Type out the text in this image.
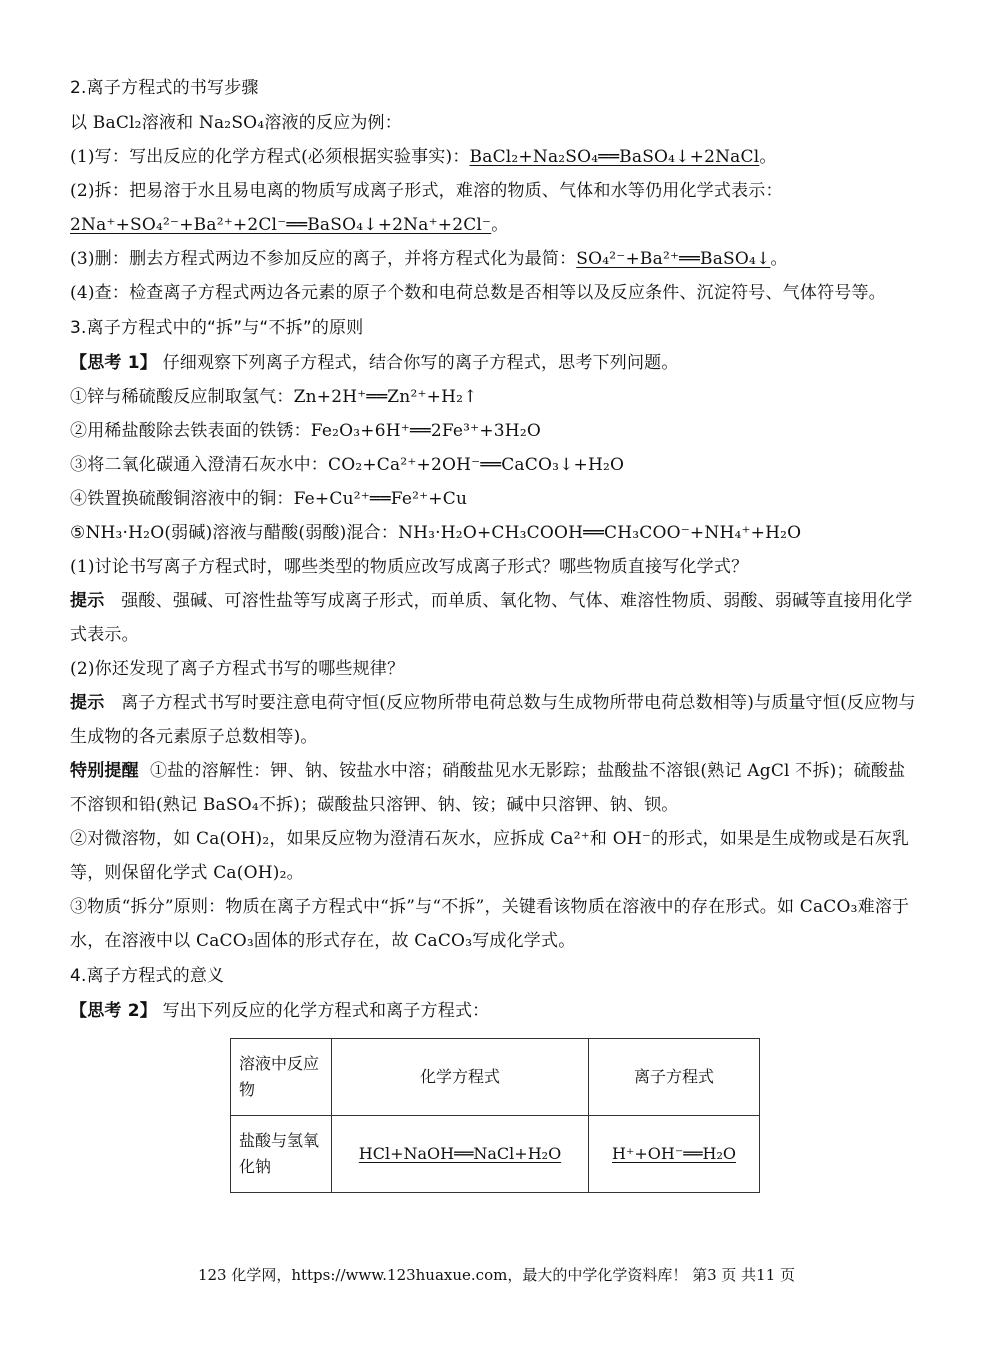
2.离子方程式的书写步骤
以 BaCl₂溶液和 Na₂SO₄溶液的反应为例：
(1)写：写出反应的化学方程式(必须根据实验事实)：BaCl₂+Na₂SO₄══BaSO₄↓+2NaCl。
(2)拆：把易溶于水且易电离的物质写成离子形式，难溶的物质、气体和水等仍用化学式表示：2Na⁺+SO₄²⁻+Ba²⁺+2Cl⁻══BaSO₄↓+2Na⁺+2Cl⁻。
(3)删：删去方程式两边不参加反应的离子，并将方程式化为最简：SO₄²⁻+Ba²⁺══BaSO₄↓。
(4)查：检查离子方程式两边各元素的原子个数和电荷总数是否相等以及反应条件、沉淀符号、气体符号等。
3.离子方程式中的“拆”与“不拆”的原则
【思考 1】 仔细观察下列离子方程式，结合你写的离子方程式，思考下列问题。
①锌与稀硫酸反应制取氢气：Zn+2H⁺══Zn²⁺+H₂↑
②用稀盐酸除去铁表面的铁锈：Fe₂O₃+6H⁺══2Fe³⁺+3H₂O
③将二氧化碳通入澄清石灰水中：CO₂+Ca²⁺+2OH⁻══CaCO₃↓+H₂O
④铁置换硫酸铜溶液中的铜：Fe+Cu²⁺══Fe²⁺+Cu
⑤NH₃·H₂O(弱碱)溶液与醋酸(弱酸)混合：NH₃·H₂O+CH₃COOH══CH₃COO⁻+NH₄⁺+H₂O
(1)讨论书写离子方程式时，哪些类型的物质应改写成离子形式？哪些物质直接写化学式？
提示 强酸、强碱、可溶性盐等写成离子形式，而单质、氧化物、气体、难溶性物质、弱酸、弱碱等直接用化学式表示。
(2)你还发现了离子方程式书写的哪些规律？
提示 离子方程式书写时要注意电荷守恒(反应物所带电荷总数与生成物所带电荷总数相等)与质量守恒(反应物与生成物的各元素原子总数相等)。
特别提醒 ①盐的溶解性：钾、钠、铵盐水中溶；硝酸盐见水无影踪；盐酸盐不溶银(熟记 AgCl 不拆)；硫酸盐不溶钡和铅(熟记 BaSO₄不拆)；碳酸盐只溶钾、钠、铵；碱中只溶钾、钠、钡。
②对微溶物，如 Ca(OH)₂，如果反应物为澄清石灰水，应拆成 Ca²⁺和 OH⁻的形式，如果是生成物或是石灰乳等，则保留化学式 Ca(OH)₂。
③物质“拆分”原则：物质在离子方程式中“拆”与“不拆”，关键看该物质在溶液中的存在形式。如 CaCO₃难溶于水，在溶液中以 CaCO₃固体的形式存在，故 CaCO₃写成化学式。
4.离子方程式的意义
【思考 2】 写出下列反应的化学方程式和离子方程式：
溶液中反应物	化学方程式	离子方程式
盐酸与氢氧化钠	HCl+NaOH══NaCl+H₂O	H⁺+OH⁻══H₂O
123 化学网，https://www.123huaxue.com，最大的中学化学资料库！ 第3 页 共11 页
